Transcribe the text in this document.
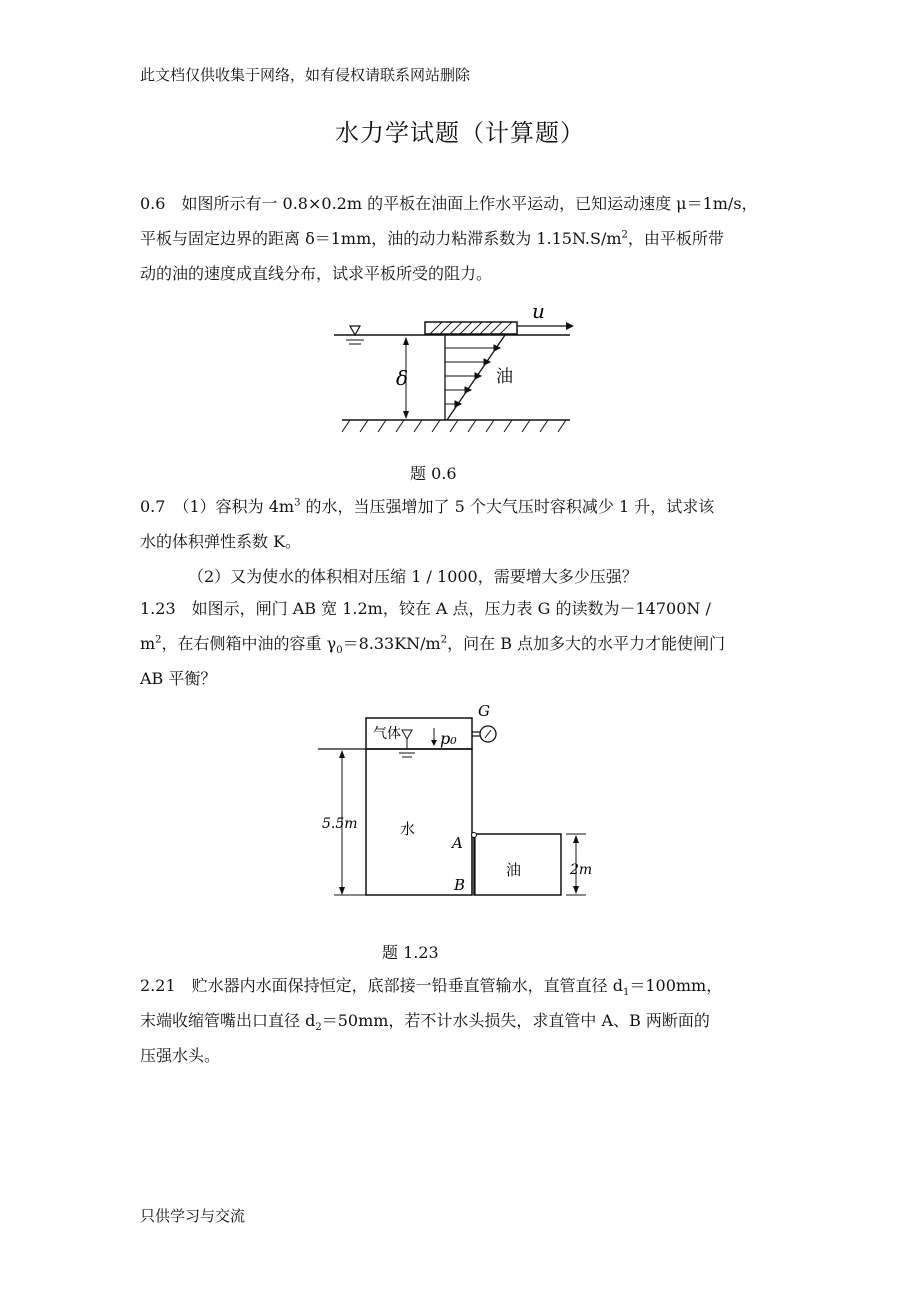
此文档仅供收集于网络，如有侵权请联系网站删除
水力学试题（计算题）
0.6　如图所示有一 0.8×0.2m 的平板在油面上作水平运动，已知运动速度 μ＝1m/s，
平板与固定边界的距离 δ＝1mm，油的动力粘滞系数为 $1.15N.S/m^2$，由平板所带
动的油的速度成直线分布，试求平板所受的阻力。
u
δ	油
题 0.6
0.7　（1）容积为 $4m^3$ 的水，当压强增加了 5 个大气压时容积减少 1 升，试求该
水的体积弹性系数 K。
（2）又为使水的体积相对压缩 1 / 1000，需要增大多少压强？
1.23　如图示，闸门 AB 宽 1.2m，铰在 A 点，压力表 G 的读数为－14700N /
$m^2$，在右侧箱中油的容重 $\gamma_0=8.33KN/m^2$，问在 B 点加多大的水平力才能使闸门
AB 平衡？
气体 p₀
G
5.5m	水
A
B
油	2m
题 1.23
2.21　贮水器内水面保持恒定，底部接一铅垂直管输水，直管直径 $d_1=100mm$，
末端收缩管嘴出口直径 $d_2=50mm$，若不计水头损失，求直管中 A、B 两断面的
压强水头。
只供学习与交流
